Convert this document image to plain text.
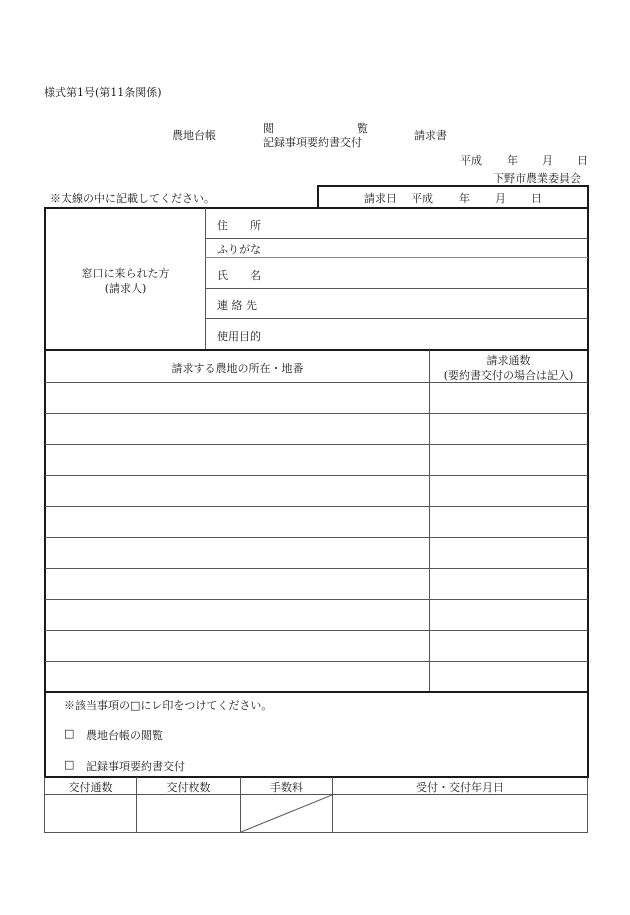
様式第1号(第11条関係)
農地台帳
閲	覧
記録事項要約書交付
請求書
平成 年 月 日
下野市農業委員会
※太線の中に記載してください。	請求日 平成 年 月 日
窓口に来られた方
(請求人)
住　　所
ふりがな
氏　　名
連 絡 先
使用目的
請求する農地の所在・地番
請求通数
(要約書交付の場合は記入)
※該当事項の□にレ印をつけてください。
□ 農地台帳の閲覧
□ 記録事項要約書交付
交付通数	交付枚数	手数料	受付・交付年月日
